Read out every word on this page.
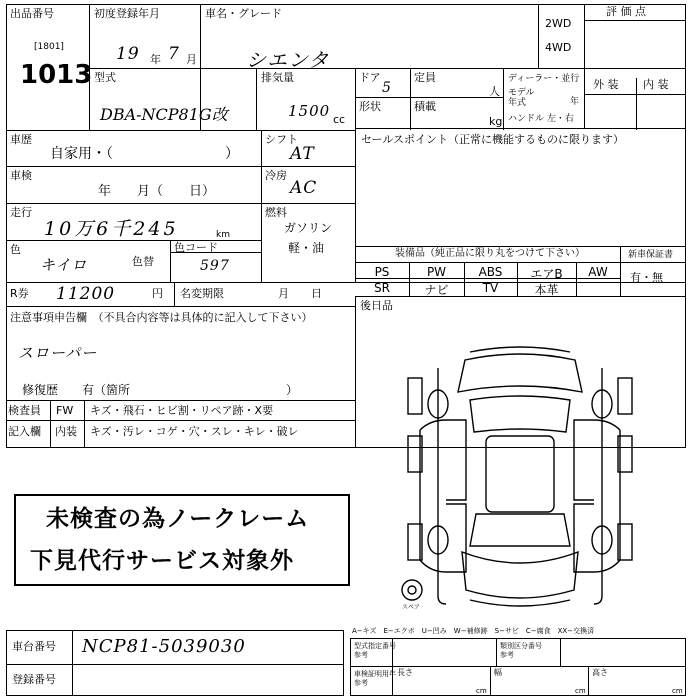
出品番号
[1801]
1013
初度登録年月
19 年 7 月
車名・グレード
シエンタ
2WD
4WD
評 価 点
型式
DBA-NCP81G改
排気量
1500 cc
ドア
5
定員
人
形状	積載
kg
ディーラー・並行
モデル
年式	年
ハンドル 左・右
外 装 内 装
車歴
自家用・（　　　　　　　　）
車検
年　　月（　　日）
シフト
AT
冷房
AC
燃料
ガソリン
軽・油
走行
10万6千245	km
色
キイロ	色替
色コード
597
R券 11200	円 名変期限	月　　日
セールスポイント（正常に機能するものに限ります）
装備品（純正品に限り丸をつけて下さい）	新車保証書
有・無
PS	PW	ABS	エアB	AW
SR	ナビ	TV	本革
後日品
注意事項申告欄　（不具合内容等は具体的に記入して下さい）
スローパー
修復歴　　有（箇所　　　　　　　　　　　　　）
検査員
記入欄
FW キズ・飛石・ヒビ割・リペア跡・X要
内装 キズ・汚レ・コゲ・穴・スレ・キレ・破レ
未検査の為ノークレーム
下見代行サービス対象外
スペア
車台番号 NCP81-5039030
登録番号
A−キズ　E−エクボ　U−凹み　W−補修跡　S−サビ　C−腐食　XX−交換済
型式指定番号
参考
類別区分番号
参考
車検証明用年
参考
長さ
cm
幅
cm
高さ
cm
